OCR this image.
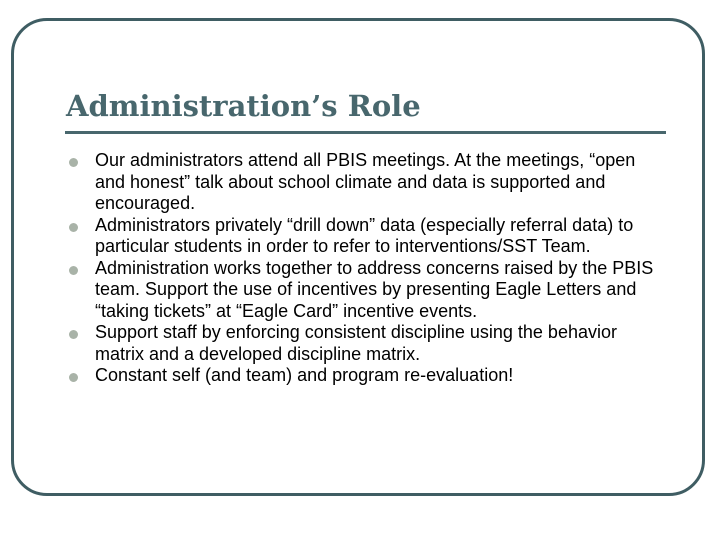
Administration’s Role
Our administrators attend all PBIS meetings. At the meetings, “open and honest” talk about school climate and data is supported and encouraged.
Administrators privately “drill down” data (especially referral data) to particular students in order to refer to interventions/SST Team.
Administration works together to address concerns raised by the PBIS team. Support the use of incentives by presenting Eagle Letters and “taking tickets” at “Eagle Card” incentive events.
Support staff by enforcing consistent discipline using the behavior matrix and a developed discipline matrix.
Constant self (and team) and program re-evaluation!
